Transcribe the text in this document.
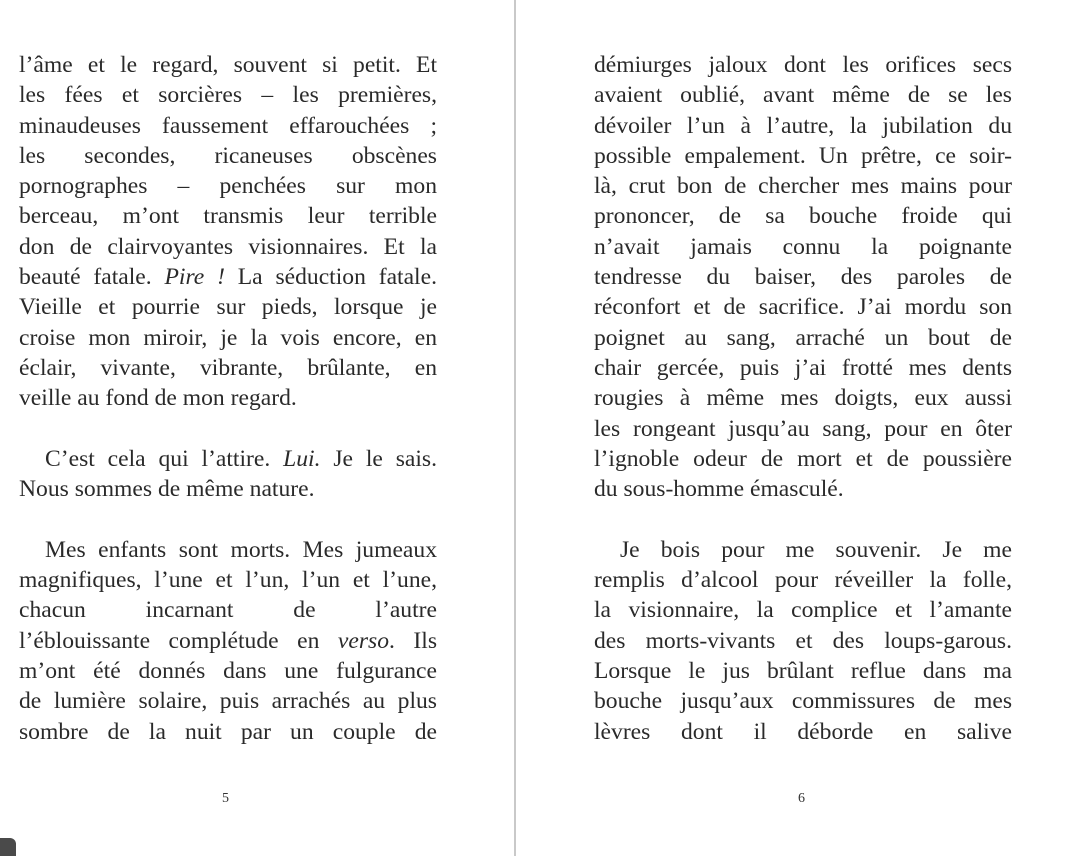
l’âme et le regard, souvent si petit. Et
les fées et sorcières – les premières,
minaudeuses faussement effarouchées ;
les secondes, ricaneuses obscènes
pornographes – penchées sur mon
berceau, m’ont transmis leur terrible
don de clairvoyantes visionnaires. Et la
beauté fatale. Pire ! La séduction fatale.
Vieille et pourrie sur pieds, lorsque je
croise mon miroir, je la vois encore, en
éclair, vivante, vibrante, brûlante, en
veille au fond de mon regard.
C’est cela qui l’attire. Lui. Je le sais.
Nous sommes de même nature.
Mes enfants sont morts. Mes jumeaux
magnifiques, l’une et l’un, l’un et l’une,
chacun incarnant de l’autre
l’éblouissante complétude en verso. Ils
m’ont été donnés dans une fulgurance
de lumière solaire, puis arrachés au plus
sombre de la nuit par un couple de
démiurges jaloux dont les orifices secs
avaient oublié, avant même de se les
dévoiler l’un à l’autre, la jubilation du
possible empalement. Un prêtre, ce soir-
là, crut bon de chercher mes mains pour
prononcer, de sa bouche froide qui
n’avait jamais connu la poignante
tendresse du baiser, des paroles de
réconfort et de sacrifice. J’ai mordu son
poignet au sang, arraché un bout de
chair gercée, puis j’ai frotté mes dents
rougies à même mes doigts, eux aussi
les rongeant jusqu’au sang, pour en ôter
l’ignoble odeur de mort et de poussière
du sous-homme émasculé.
Je bois pour me souvenir. Je me
remplis d’alcool pour réveiller la folle,
la visionnaire, la complice et l’amante
des morts-vivants et des loups-garous.
Lorsque le jus brûlant reflue dans ma
bouche jusqu’aux commissures de mes
lèvres dont il déborde en salive
5	6
